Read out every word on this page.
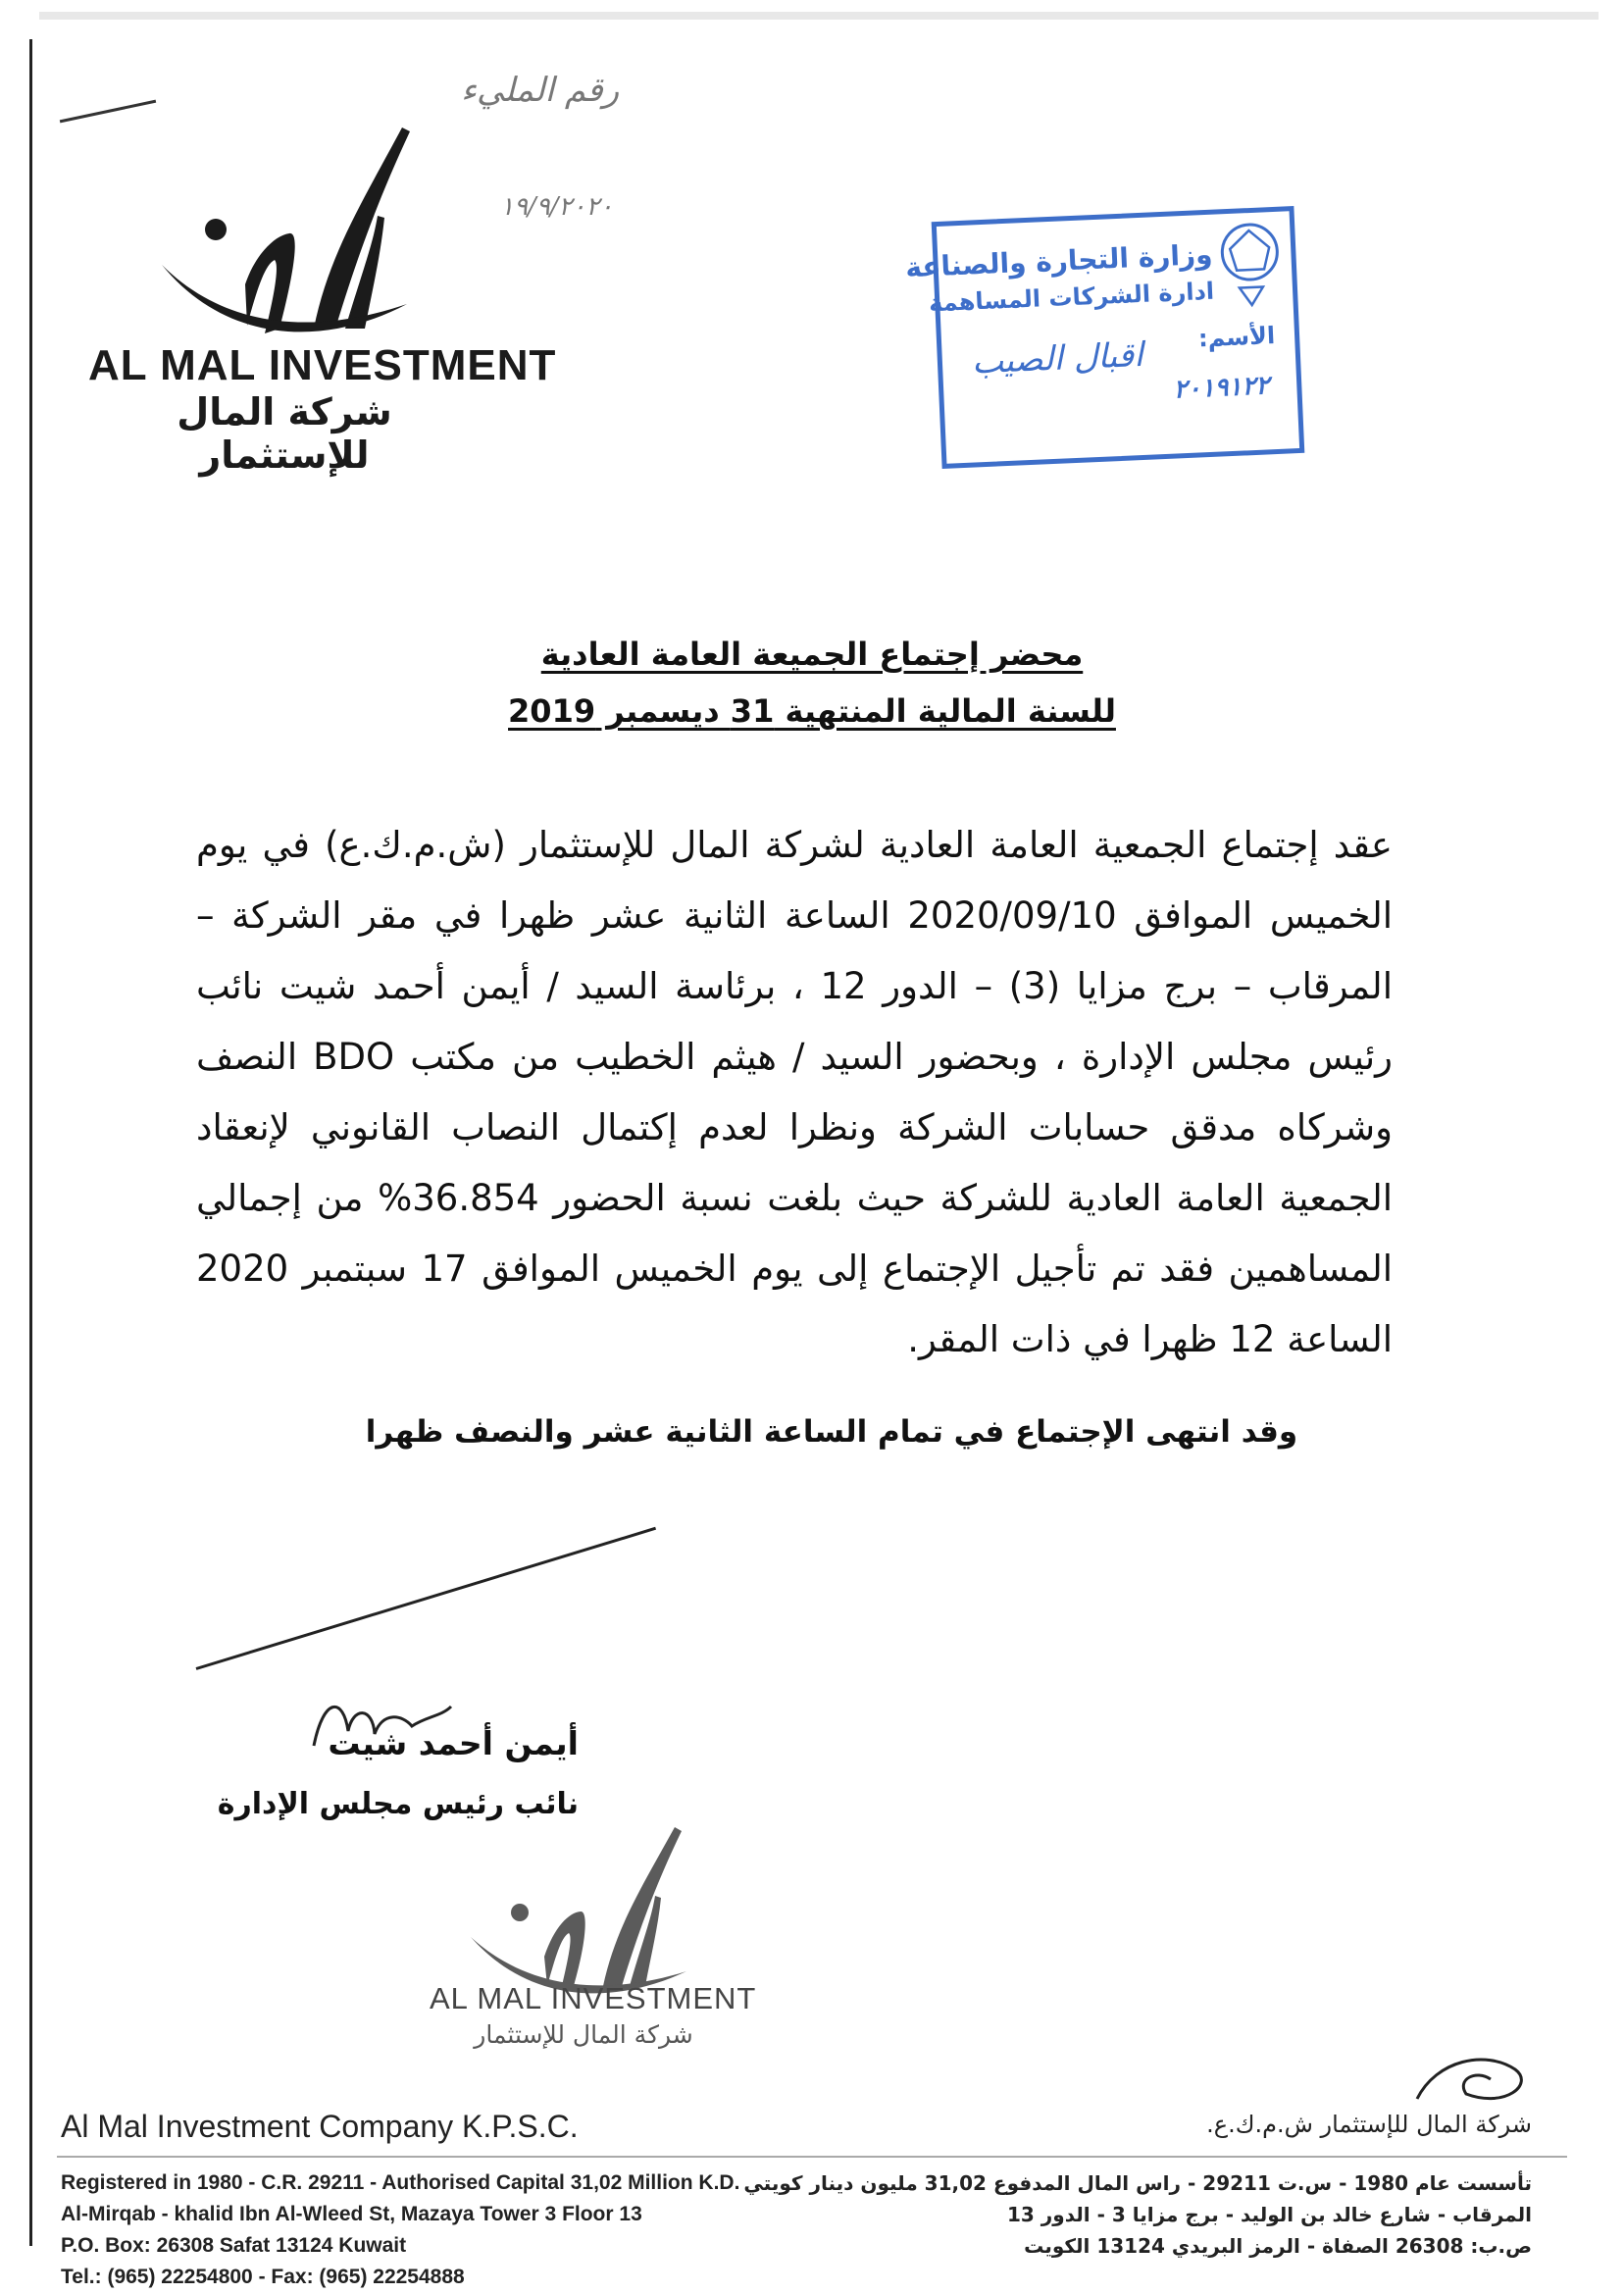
رقم المليء
١٩/٩/٢٠٢٠
AL MAL INVESTMENT
شركة المال للإستثمار
وزارة التجارة والصناعة
ادارة الشركات المساهمة
الأسم:
اقبال الصيب
٢٠١٩١٢٢
محضر إجتماع الجميعة العامة العادية
للسنة المالية المنتهية 31 ديسمبر 2019

عقد إجتماع الجمعية العامة العادية لشركة المال للإستثمار (ش.م.ك.ع) في يوم الخميس الموافق 2020/09/10 الساعة الثانية عشر ظهرا في مقر الشركة – المرقاب – برج مزايا (3) – الدور 12 ، برئاسة السيد / أيمن أحمد شيت نائب رئيس مجلس الإدارة ، وبحضور السيد / هيثم الخطيب من مكتب BDO النصف وشركاه مدقق حسابات الشركة ونظرا لعدم إكتمال النصاب القانوني لإنعقاد الجمعية العامة العادية للشركة حيث بلغت نسبة الحضور 36.854% من إجمالي المساهمين فقد تم تأجيل الإجتماع إلى يوم الخميس الموافق 17 سبتمبر 2020 الساعة 12 ظهرا في ذات المقر.

وقد انتهى الإجتماع في تمام الساعة الثانية عشر والنصف ظهرا
أيمن أحمد شيت
نائب رئيس مجلس الإدارة
AL MAL INVESTMENT
شركة المال للإستثمار
Al Mal Investment Company K.P.S.C.	شركة المال للإستثمار ش.م.ك.ع.
Registered in 1980 - C.R. 29211 - Authorised Capital 31,02 Million K.D.
Al-Mirqab - khalid Ibn Al-Wleed St, Mazaya Tower 3 Floor 13
P.O. Box: 26308 Safat 13124 Kuwait
Tel.: (965) 22254800 - Fax: (965) 22254888
تأسست عام 1980 - س.ت 29211 - راس المال المدفوع 31,02 مليون دينار كويتي
المرقاب - شارع خالد بن الوليد - برج مزايا 3 - الدور 13
ص.ب: 26308 الصفاة - الرمز البريدي 13124 الكويت
